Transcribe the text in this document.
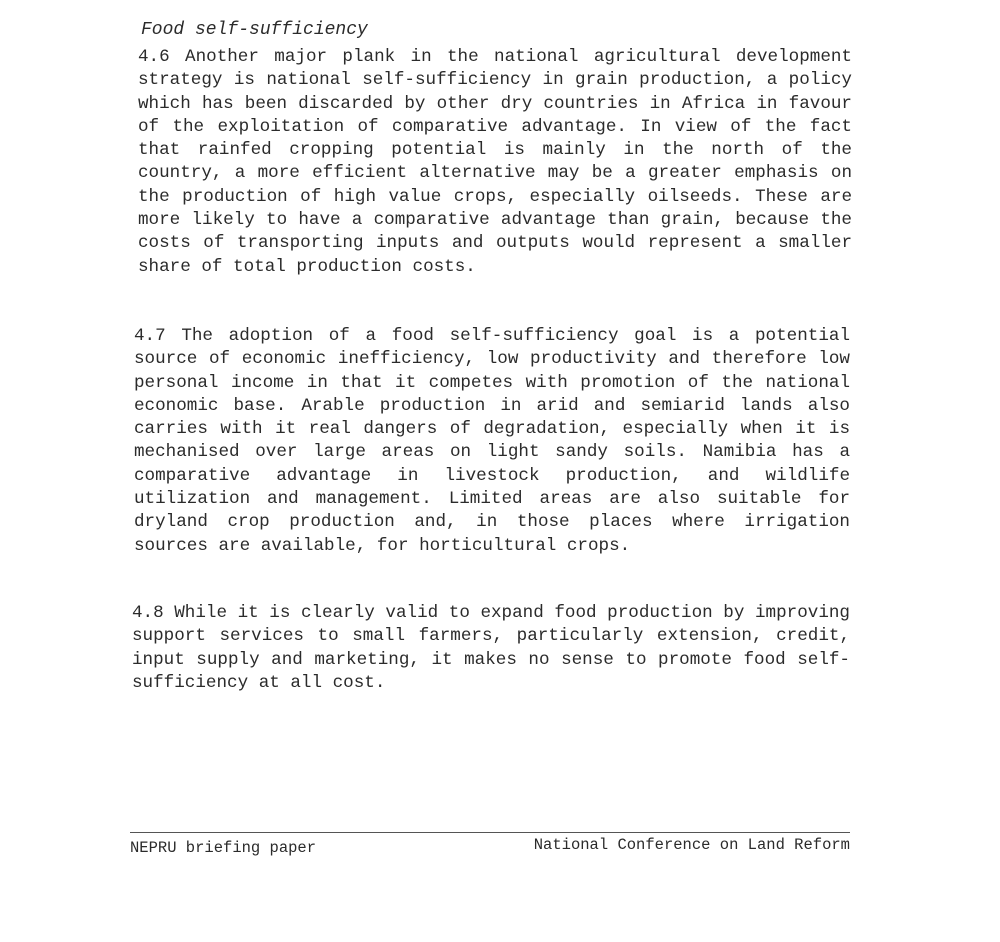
Food self-sufficiency

4.6 Another major plank in the national agricultural development strategy is national self-sufficiency in grain production, a policy which has been discarded by other dry countries in Africa in favour of the exploitation of comparative advantage. In view of the fact that rainfed cropping potential is mainly in the north of the country, a more efficient alternative may be a greater emphasis on the production of high value crops, especially oilseeds. These are more likely to have a comparative advantage than grain, because the costs of transporting inputs and outputs would represent a smaller share of total production costs.

4.7 The adoption of a food self-sufficiency goal is a potential source of economic inefficiency, low productivity and therefore low personal income in that it competes with promotion of the national economic base. Arable production in arid and semiarid lands also carries with it real dangers of degradation, especially when it is mechanised over large areas on light sandy soils. Namibia has a comparative advantage in livestock production, and wildlife utilization and management. Limited areas are also suitable for dryland crop production and, in those places where irrigation sources are available, for horticultural crops.

4.8 While it is clearly valid to expand food production by improving support services to small farmers, particularly extension, credit, input supply and marketing, it makes no sense to promote food self-sufficiency at all cost.

NEPRU briefing paper	National Conference on Land Reform
